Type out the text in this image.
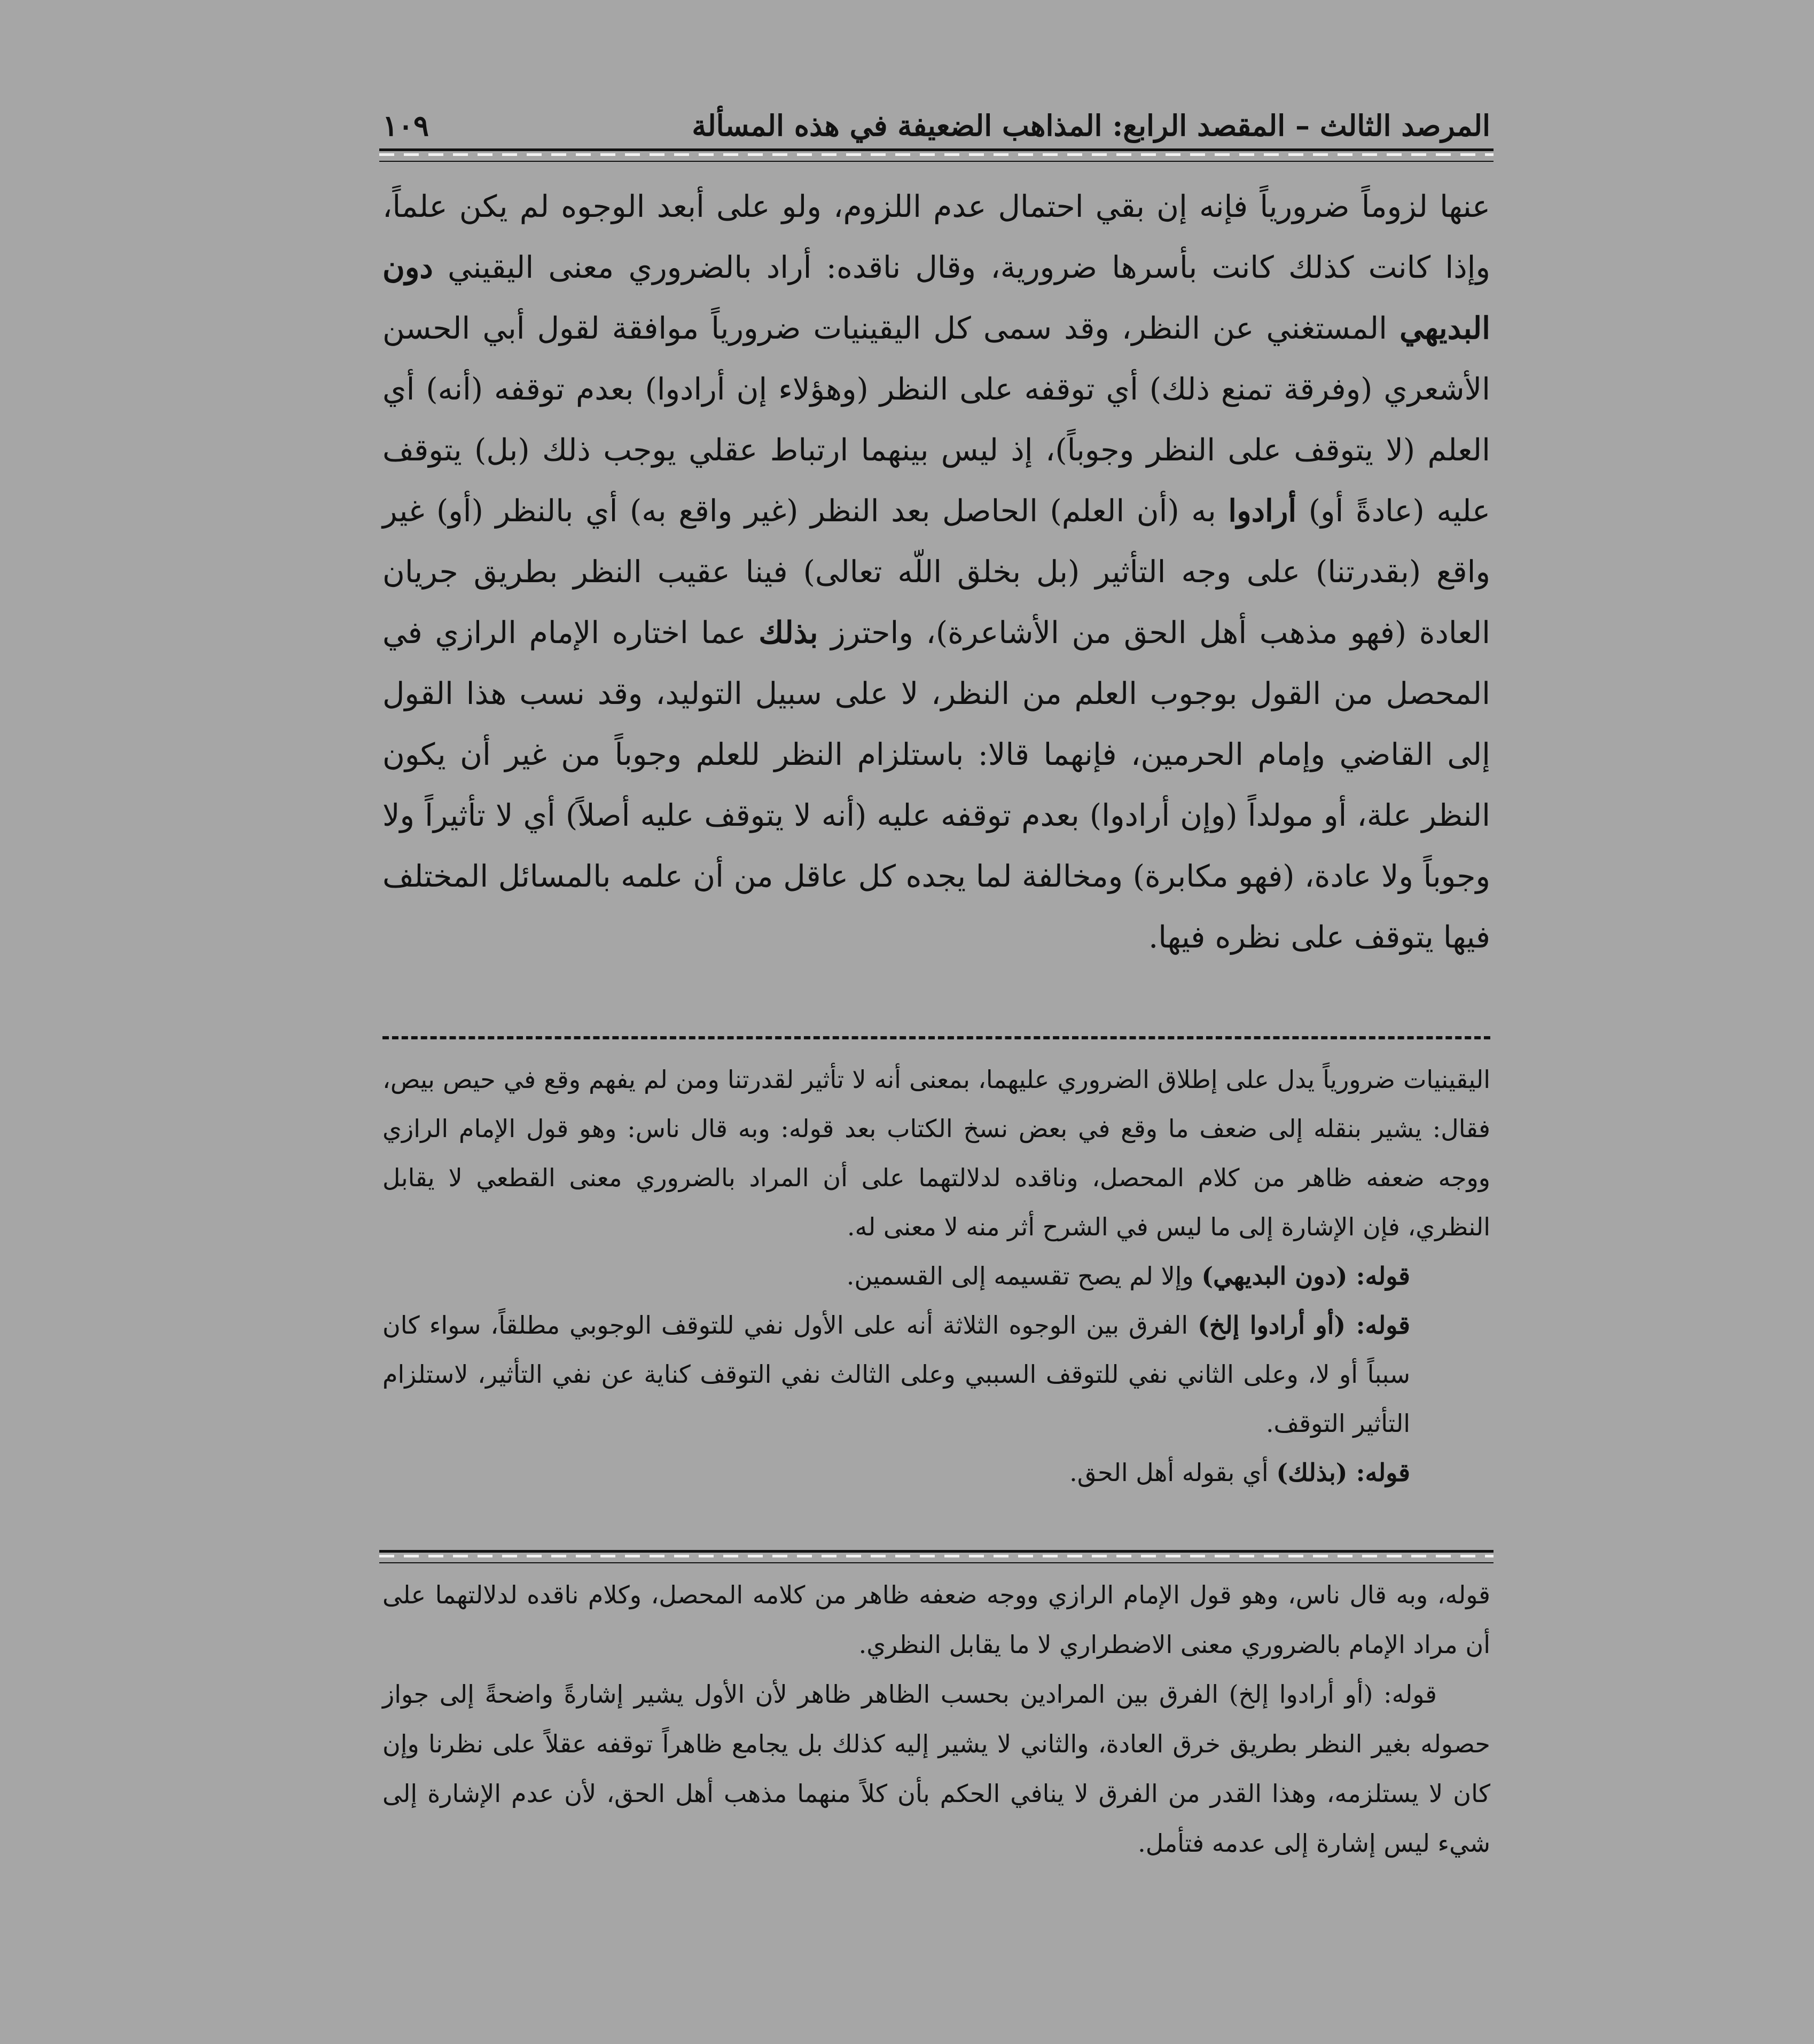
المرصد الثالث – المقصد الرابع: المذاهب الضعيفة في هذه المسألة
١٠٩

عنها لزوماً ضرورياً فإنه إن بقي احتمال عدم اللزوم، ولو على أبعد الوجوه لم يكن علماً، وإذا كانت كذلك كانت بأسرها ضرورية، وقال ناقده: أراد بالضروري معنى اليقيني دون البديهي المستغني عن النظر، وقد سمى كل اليقينيات ضرورياً موافقة لقول أبي الحسن الأشعري (وفرقة تمنع ذلك) أي توقفه على النظر (وهؤلاء إن أرادوا) بعدم توقفه (أنه) أي العلم (لا يتوقف على النظر وجوباً)، إذ ليس بينهما ارتباط عقلي يوجب ذلك (بل) يتوقف عليه (عادةً أو) أرادوا به (أن العلم) الحاصل بعد النظر (غير واقع به) أي بالنظر (أو) غير واقع (بقدرتنا) على وجه التأثير (بل بخلق اللّه تعالى) فينا عقيب النظر بطريق جريان العادة (فهو مذهب أهل الحق من الأشاعرة)، واحترز بذلك عما اختاره الإمام الرازي في المحصل من القول بوجوب العلم من النظر، لا على سبيل التوليد، وقد نسب هذا القول إلى القاضي وإمام الحرمين، فإنهما قالا: باستلزام النظر للعلم وجوباً من غير أن يكون النظر علة، أو مولداً (وإن أرادوا) بعدم توقفه عليه (أنه لا يتوقف عليه أصلاً) أي لا تأثيراً ولا وجوباً ولا عادة، (فهو مكابرة) ومخالفة لما يجده كل عاقل من أن علمه بالمسائل المختلف فيها يتوقف على نظره فيها.

اليقينيات ضرورياً يدل على إطلاق الضروري عليهما، بمعنى أنه لا تأثير لقدرتنا ومن لم يفهم وقع في حيص بيص، فقال: يشير بنقله إلى ضعف ما وقع في بعض نسخ الكتاب بعد قوله: وبه قال ناس: وهو قول الإمام الرازي ووجه ضعفه ظاهر من كلام المحصل، وناقده لدلالتهما على أن المراد بالضروري معنى القطعي لا يقابل النظري، فإن الإشارة إلى ما ليس في الشرح أثر منه لا معنى له.

قوله: (دون البديهي) وإلا لم يصح تقسيمه إلى القسمين.

قوله: (أو أرادوا إلخ) الفرق بين الوجوه الثلاثة أنه على الأول نفي للتوقف الوجوبي مطلقاً، سواء كان سبباً أو لا، وعلى الثاني نفي للتوقف السببي وعلى الثالث نفي التوقف كناية عن نفي التأثير، لاستلزام التأثير التوقف.

قوله: (بذلك) أي بقوله أهل الحق.

قوله، وبه قال ناس، وهو قول الإمام الرازي ووجه ضعفه ظاهر من كلامه المحصل، وكلام ناقده لدلالتهما على أن مراد الإمام بالضروري معنى الاضطراري لا ما يقابل النظري.

قوله: (أو أرادوا إلخ) الفرق بين المرادين بحسب الظاهر ظاهر لأن الأول يشير إشارةً واضحةً إلى جواز حصوله بغير النظر بطريق خرق العادة، والثاني لا يشير إليه كذلك بل يجامع ظاهراً توقفه عقلاً على نظرنا وإن كان لا يستلزمه، وهذا القدر من الفرق لا ينافي الحكم بأن كلاً منهما مذهب أهل الحق، لأن عدم الإشارة إلى شيء ليس إشارة إلى عدمه فتأمل.
